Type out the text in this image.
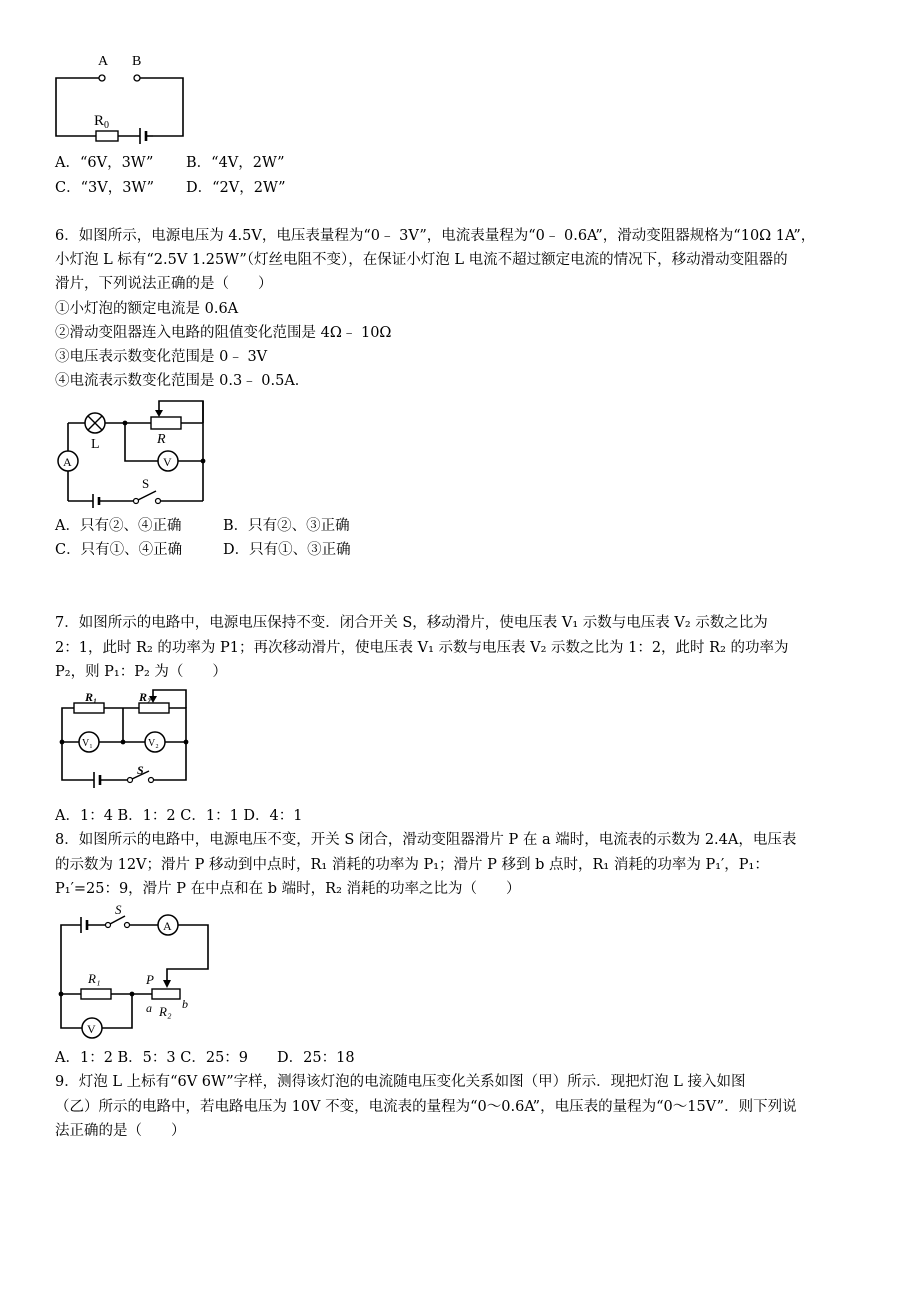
A B
$R_0$
A．“6V，3W” B．“4V，2W”
C．“3V，3W” D．“2V，2W”
6．如图所示，电源电压为 4.5V，电压表量程为“0﹣ 3V”，电流表量程为“0﹣ 0.6A”，滑动变阻器规格为“10Ω 1A”，
小灯泡 L 标有“2.5V 1.25W”（灯丝电阻不变），在保证小灯泡 L 电流不超过额定电流的情况下，移动滑动变阻器的
滑片，下列说法正确的是（　　）
①小灯泡的额定电流是 0.6A
②滑动变阻器连入电路的阻值变化范围是 4Ω﹣ 10Ω
③电压表示数变化范围是 0﹣ 3V
④电流表示数变化范围是 0.3﹣ 0.5A．
L	R
V
A
S
A．只有②、④正确	B．只有②、③正确
C．只有①、④正确	D．只有①、③正确
7．如图所示的电路中，电源电压保持不变．闭合开关 S，移动滑片，使电压表 V₁ 示数与电压表 V₂ 示数之比为
2：1，此时 R₂ 的功率为 P1；再次移动滑片，使电压表 V₁ 示数与电压表 V₂ 示数之比为 1：2，此时 R₂ 的功率为
P₂，则 P₁：P₂ 为（　　）
R₁	R₂
V₁	V₂
S
A．1：4 B．1：2 C．1：1 D．4：1
8．如图所示的电路中，电源电压不变，开关 S 闭合，滑动变阻器滑片 P 在 a 端时，电流表的示数为 2.4A，电压表
的示数为 12V；滑片 P 移动到中点时，R₁ 消耗的功率为 P₁；滑片 P 移到 b 点时，R₁ 消耗的功率为 P₁′，P₁：
P₁′=25：9，滑片 P 在中点和在 b 端时，R₂ 消耗的功率之比为（　　）
S
A
P
R₁
a R₂ b
V
A．1：2 B．5：3 C．25：9　　D．25：18
9．灯泡 L 上标有“6V 6W”字样，测得该灯泡的电流随电压变化关系如图（甲）所示．现把灯泡 L 接入如图
（乙）所示的电路中，若电路电压为 10V 不变，电流表的量程为“0～0.6A”，电压表的量程为“0～15V”．则下列说
法正确的是（　　）
